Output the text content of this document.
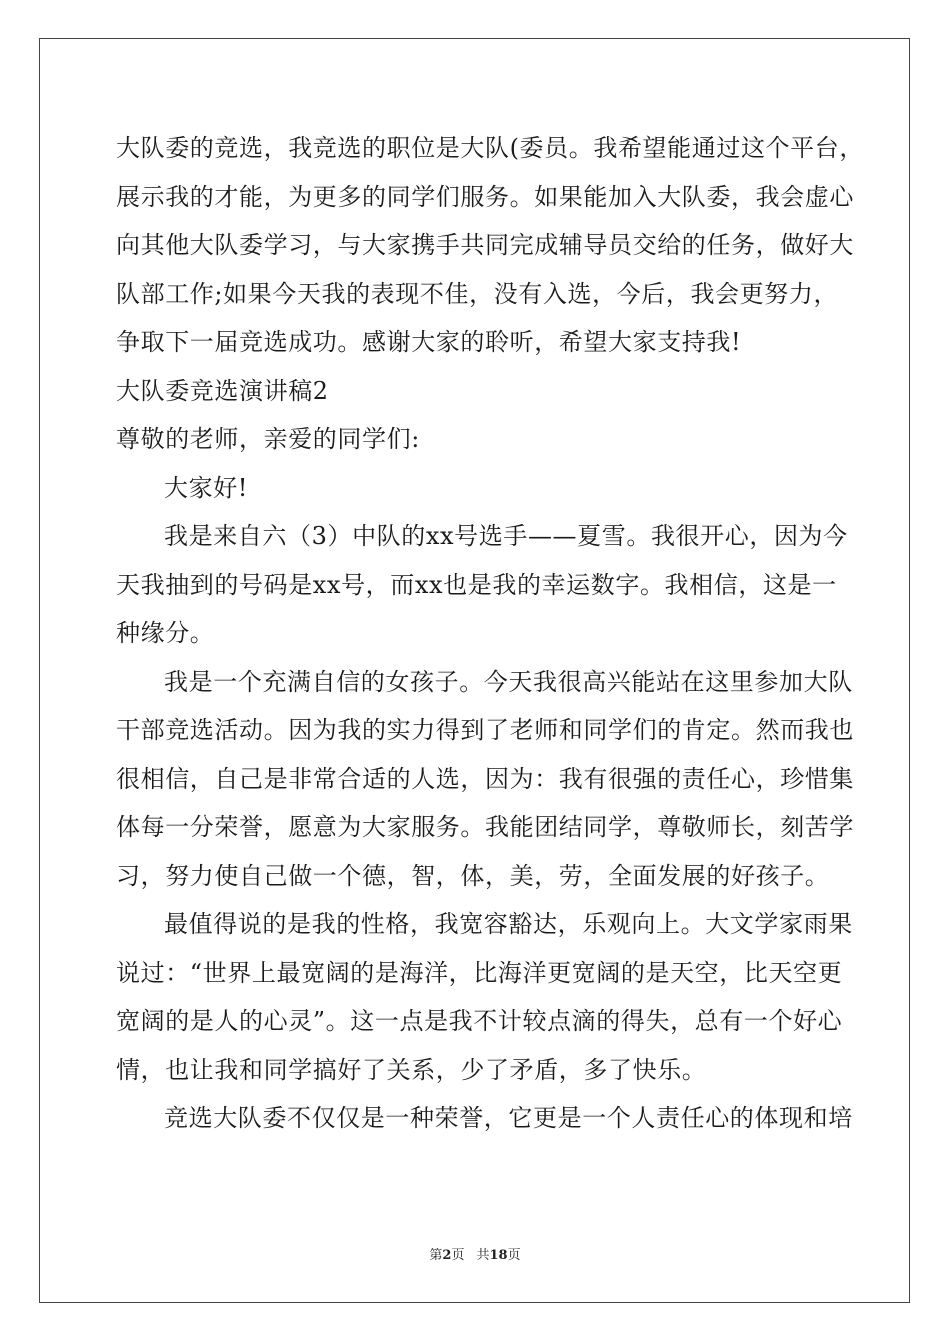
大队委的竞选，我竞选的职位是大队(委员。我希望能通过这个平台，
展示我的才能，为更多的同学们服务。如果能加入大队委，我会虚心
向其他大队委学习，与大家携手共同完成辅导员交给的任务，做好大
队部工作;如果今天我的表现不佳，没有入选，今后，我会更努力，
争取下一届竞选成功。感谢大家的聆听，希望大家支持我!
大队委竞选演讲稿2
尊敬的老师，亲爱的同学们:
大家好!
我是来自六（3）中队的xx号选手——夏雪。我很开心，因为今
天我抽到的号码是xx号，而xx也是我的幸运数字。我相信，这是一
种缘分。
我是一个充满自信的女孩子。今天我很高兴能站在这里参加大队
干部竞选活动。因为我的实力得到了老师和同学们的肯定。然而我也
很相信，自己是非常合适的人选，因为：我有很强的责任心，珍惜集
体每一分荣誉，愿意为大家服务。我能团结同学，尊敬师长，刻苦学
习，努力使自己做一个德，智，体，美，劳，全面发展的好孩子。
最值得说的是我的性格，我宽容豁达，乐观向上。大文学家雨果
说过：“世界上最宽阔的是海洋，比海洋更宽阔的是天空，比天空更
宽阔的是人的心灵”。这一点是我不计较点滴的得失，总有一个好心
情，也让我和同学搞好了关系，少了矛盾，多了快乐。
竞选大队委不仅仅是一种荣誉，它更是一个人责任心的体现和培
第2页 共18页
